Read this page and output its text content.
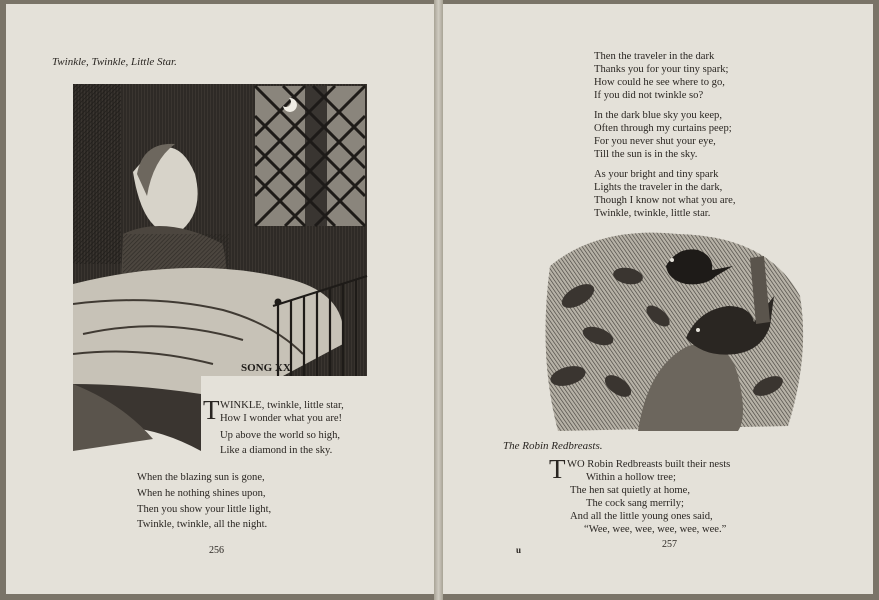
Twinkle, Twinkle, Little Star.
SONG XX
T WINKLE, twinkle, little star,
How I wonder what you are!
Up above the world so high,
Like a diamond in the sky.
When the blazing sun is gone,
When he nothing shines upon,
Then you show your little light,
Twinkle, twinkle, all the night.
256
Then the traveler in the dark
Thanks you for your tiny spark;
How could he see where to go,
If you did not twinkle so?
In the dark blue sky you keep,
Often through my curtains peep;
For you never shut your eye,
Till the sun is in the sky.
As your bright and tiny spark
Lights the traveler in the dark,
Though I know not what you are,
Twinkle, twinkle, little star.
The Robin Redbreasts.
T WO Robin Redbreasts built their nests
Within a hollow tree;
The hen sat quietly at home,
The cock sang merrily;
And all the little young ones said,
“Wee, wee, wee, wee, wee, wee.”
u	257
